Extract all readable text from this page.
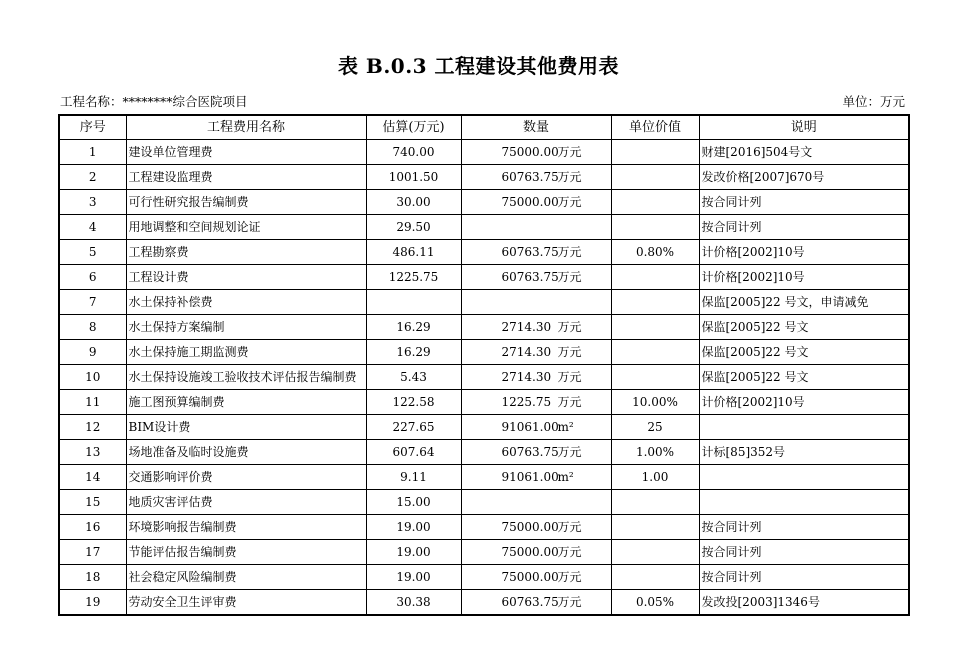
表 B.0.3 工程建设其他费用表
工程名称：********综合医院项目	单位：万元
序号	工程费用名称	估算(万元)	数量	单位价值	说明
1	建设单位管理费	740.00	75000.00万元		财建[2016]504号文
2	工程建设监理费	1001.50	60763.75万元		发改价格[2007]670号
3	可行性研究报告编制费	30.00	75000.00万元		按合同计列
4	用地调整和空间规划论证	29.50			按合同计列
5	工程勘察费	486.11	60763.75万元	0.80%	计价格[2002]10号
6	工程设计费	1225.75	60763.75万元		计价格[2002]10号
7	水土保持补偿费				保监[2005]22 号文，申请减免
8	水土保持方案编制	16.29	2714.30 万元		保监[2005]22 号文
9	水土保持施工期监测费	16.29	2714.30 万元		保监[2005]22 号文
10	水土保持设施竣工验收技术评估报告编制费	5.43	2714.30 万元		保监[2005]22 号文
11	施工图预算编制费	122.58	1225.75 万元	10.00%	计价格[2002]10号
12	BIM设计费	227.65	91061.00m²	25	
13	场地准备及临时设施费	607.64	60763.75万元	1.00%	计标[85]352号
14	交通影响评价费	9.11	91061.00m²	1.00	
15	地质灾害评估费	15.00			
16	环境影响报告编制费	19.00	75000.00万元		按合同计列
17	节能评估报告编制费	19.00	75000.00万元		按合同计列
18	社会稳定风险编制费	19.00	75000.00万元		按合同计列
19	劳动安全卫生评审费	30.38	60763.75万元	0.05%	发改投[2003]1346号
